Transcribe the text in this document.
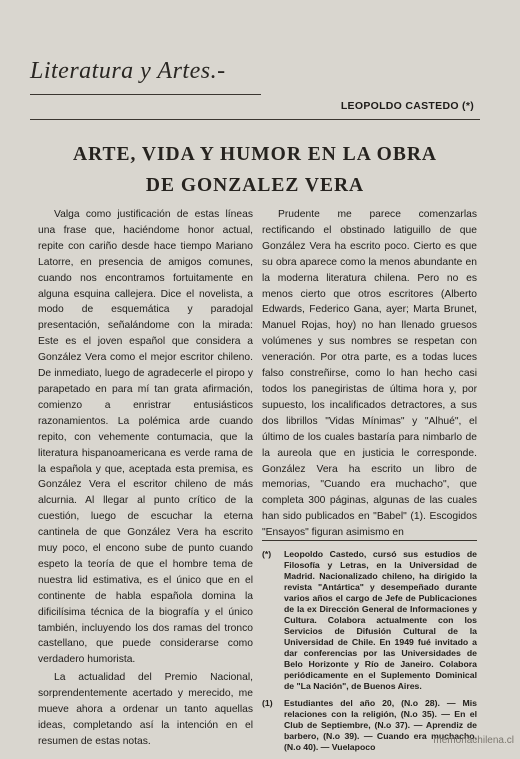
Literatura y Artes.-
LEOPOLDO CASTEDO (*)
ARTE, VIDA Y HUMOR EN LA OBRA
DE GONZALEZ VERA

Valga como justificación de estas líneas una frase que, haciéndome honor actual, repite con cariño desde hace tiempo Mariano Latorre, en presencia de amigos comunes, cuando nos encontramos fortuitamente en alguna esquina callejera. Dice el novelista, a modo de esquemática y paradojal presentación, señalándome con la mirada: Este es el joven español que considera a González Vera como el mejor escritor chileno. De inmediato, luego de agradecerle el piropo y parapetado en para mí tan grata afirmación, comienzo a enristrar entusiásticos razonamientos. La polémica arde cuando repito, con vehemente contumacia, que la literatura hispanoamericana es verde rama de la española y que, aceptada esta premisa, es González Vera el escritor chileno de más alcurnia. Al llegar al punto crítico de la cuestión, luego de escuchar la eterna cantinela de que González Vera ha escrito muy poco, el encono sube de punto cuando espeto la teoría de que el hombre tema de nuestra lid estimativa, es el único que en el continente de habla española domina la dificilísima técnica de la biografía y el único también, incluyendo los dos ramas del tronco castellano, que puede considerarse como verdadero humorista.

La actualidad del Premio Nacional, sorprendentemente acertado y merecido, me mueve ahora a ordenar un tanto aquellas ideas, completando así la intención en el resumen de estas notas.

Prudente me parece comenzarlas rectificando el obstinado latiguillo de que González Vera ha escrito poco. Cierto es que su obra aparece como la menos abundante en la moderna literatura chilena. Pero no es menos cierto que otros escritores (Alberto Edwards, Federico Gana, ayer; Marta Brunet, Manuel Rojas, hoy) no han llenado gruesos volúmenes y sus nombres se respetan con veneración. Por otra parte, es a todas luces falso constreñirse, como lo han hecho casi todos los panegiristas de última hora y, por supuesto, los incalificados detractores, a sus dos librillos "Vidas Mínimas" y "Alhué", el último de los cuales bastaría para nimbarlo de la aureola que en justicia le corresponde. González Vera ha escrito un libro de memorias, "Cuando era muchacho", que completa 300 páginas, algunas de las cuales han sido publicados en "Babel" (1). Escogidos "Ensayos" figuran asimismo en

(*)	Leopoldo Castedo, cursó sus estudios de Filosofía y Letras, en la Universidad de Madrid. Nacionalizado chileno, ha dirigido la revista "Antártica" y desempeñado durante varios años el cargo de Jefe de Publicaciones de la ex Dirección General de Informaciones y Cultura. Colabora actualmente con los Servicios de Difusión Cultural de la Universidad de Chile. En 1949 fué invitado a dar conferencias por las Universidades de Belo Horizonte y Río de Janeiro. Colabora periódicamente en el Suplemento Dominical de "La Nación", de Buenos Aires.
(1)	Estudiantes del año 20, (N.o 28). — Mis relaciones con la religión, (N.o 35). — En el Club de Septiembre, (N.o 37). — Aprendiz de barbero, (N.o 39). — Cuando era muchacho, (N.o 40). — Vuelapoco
memoriachilena.cl
